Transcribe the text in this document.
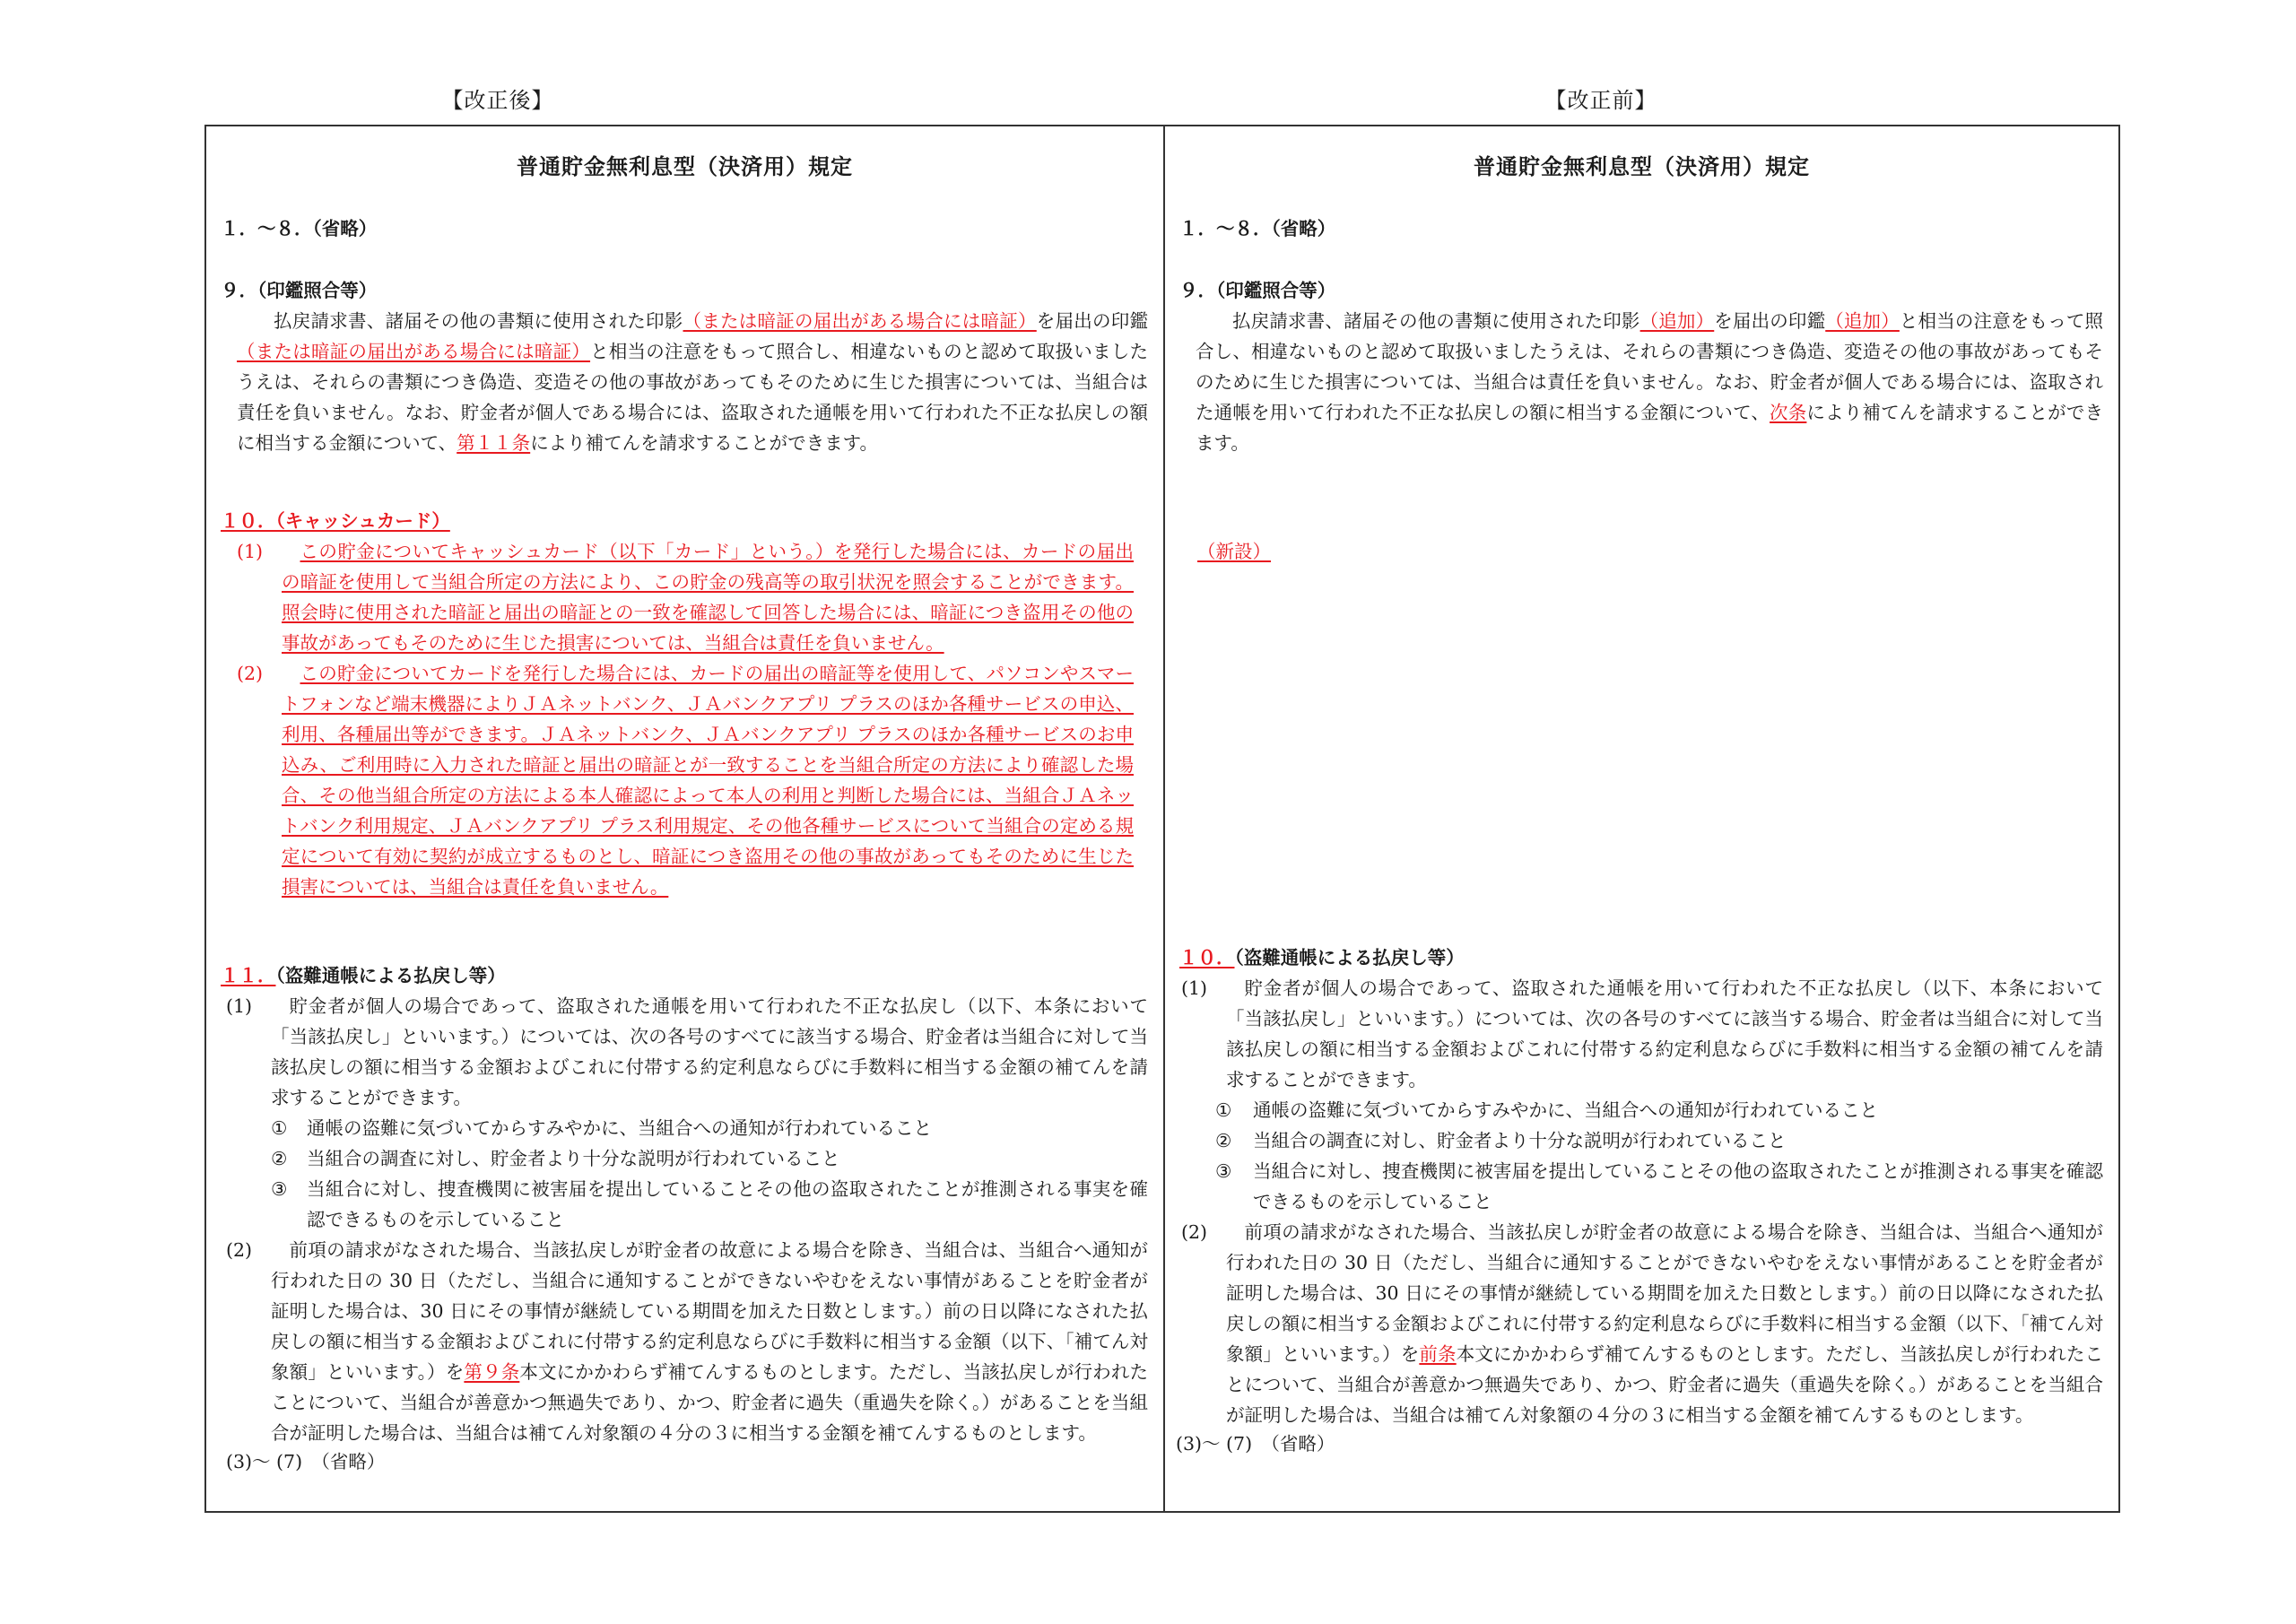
【改正後】	【改正前】
普通貯金無利息型（決済用）規定
１．～８．（省略）
９．（印鑑照合等）

払戻請求書、諸届その他の書類に使用された印影（または暗証の届出がある場合には暗証）を届出の印鑑（または暗証の届出がある場合には暗証）と相当の注意をもって照合し、相違ないものと認めて取扱いましたうえは、それらの書類につき偽造、変造その他の事故があってもそのために生じた損害については、当組合は責任を負いません。なお、貯金者が個人である場合には、盗取された通帳を用いて行われた不正な払戻しの額に相当する金額について、第１１条により補てんを請求することができます。

１０．（キャッシュカード）
(1)	この貯金についてキャッシュカード（以下「カード」という。）を発行した場合には、カードの届出の暗証を使用して当組合所定の方法により、この貯金の残高等の取引状況を照会することができます。照会時に使用された暗証と届出の暗証との一致を確認して回答した場合には、暗証につき盗用その他の事故があってもそのために生じた損害については、当組合は責任を負いません。

(2)	この貯金についてカードを発行した場合には、カードの届出の暗証等を使用して、パソコンやスマートフォンなど端末機器によりＪＡネットバンク、ＪＡバンクアプリ プラスのほか各種サービスの申込、利用、各種届出等ができます。ＪＡネットバンク、ＪＡバンクアプリ プラスのほか各種サービスのお申込み、ご利用時に入力された暗証と届出の暗証とが一致することを当組合所定の方法により確認した場合、その他当組合所定の方法による本人確認によって本人の利用と判断した場合には、当組合ＪＡネットバンク利用規定、ＪＡバンクアプリ プラス利用規定、その他各種サービスについて当組合の定める規定について有効に契約が成立するものとし、暗証につき盗用その他の事故があってもそのために生じた損害については、当組合は責任を負いません。

１１．（盗難通帳による払戻し等）
(1)	貯金者が個人の場合であって、盗取された通帳を用いて行われた不正な払戻し（以下、本条において「当該払戻し」といいます。）については、次の各号のすべてに該当する場合、貯金者は当組合に対して当該払戻しの額に相当する金額およびこれに付帯する約定利息ならびに手数料に相当する金額の補てんを請求することができます。

①	通帳の盗難に気づいてからすみやかに、当組合への通知が行われていること

②	当組合の調査に対し、貯金者より十分な説明が行われていること

③	当組合に対し、捜査機関に被害届を提出していることその他の盗取されたことが推測される事実を確認できるものを示していること

(2)	前項の請求がなされた場合、当該払戻しが貯金者の故意による場合を除き、当組合は、当組合へ通知が行われた日の 30 日（ただし、当組合に通知することができないやむをえない事情があることを貯金者が証明した場合は、30 日にその事情が継続している期間を加えた日数とします。）前の日以降になされた払戻しの額に相当する金額およびこれに付帯する約定利息ならびに手数料に相当する金額（以下、「補てん対象額」といいます。）を第９条本文にかかわらず補てんするものとします。ただし、当該払戻しが行われたことについて、当組合が善意かつ無過失であり、かつ、貯金者に過失（重過失を除く。）があることを当組合が証明した場合は、当組合は補てん対象額の４分の３に相当する金額を補てんするものとします。

(3)～ (7)　（省略）
普通貯金無利息型（決済用）規定
１．～８．（省略）
９．（印鑑照合等）

払戻請求書、諸届その他の書類に使用された印影（追加）を届出の印鑑（追加）と相当の注意をもって照合し、相違ないものと認めて取扱いましたうえは、それらの書類につき偽造、変造その他の事故があってもそのために生じた損害については、当組合は責任を負いません。なお、貯金者が個人である場合には、盗取された通帳を用いて行われた不正な払戻しの額に相当する金額について、次条により補てんを請求することができます。

（新設）
１０．（盗難通帳による払戻し等）
(1)	貯金者が個人の場合であって、盗取された通帳を用いて行われた不正な払戻し（以下、本条において「当該払戻し」といいます。）については、次の各号のすべてに該当する場合、貯金者は当組合に対して当該払戻しの額に相当する金額およびこれに付帯する約定利息ならびに手数料に相当する金額の補てんを請求することができます。

①	通帳の盗難に気づいてからすみやかに、当組合への通知が行われていること

②	当組合の調査に対し、貯金者より十分な説明が行われていること

③	当組合に対し、捜査機関に被害届を提出していることその他の盗取されたことが推測される事実を確認できるものを示していること

(2)	前項の請求がなされた場合、当該払戻しが貯金者の故意による場合を除き、当組合は、当組合へ通知が行われた日の 30 日（ただし、当組合に通知することができないやむをえない事情があることを貯金者が証明した場合は、30 日にその事情が継続している期間を加えた日数とします。）前の日以降になされた払戻しの額に相当する金額およびこれに付帯する約定利息ならびに手数料に相当する金額（以下、「補てん対象額」といいます。）を前条本文にかかわらず補てんするものとします。ただし、当該払戻しが行われたことについて、当組合が善意かつ無過失であり、かつ、貯金者に過失（重過失を除く。）があることを当組合が証明した場合は、当組合は補てん対象額の４分の３に相当する金額を補てんするものとします。

(3)～ (7)　（省略）
